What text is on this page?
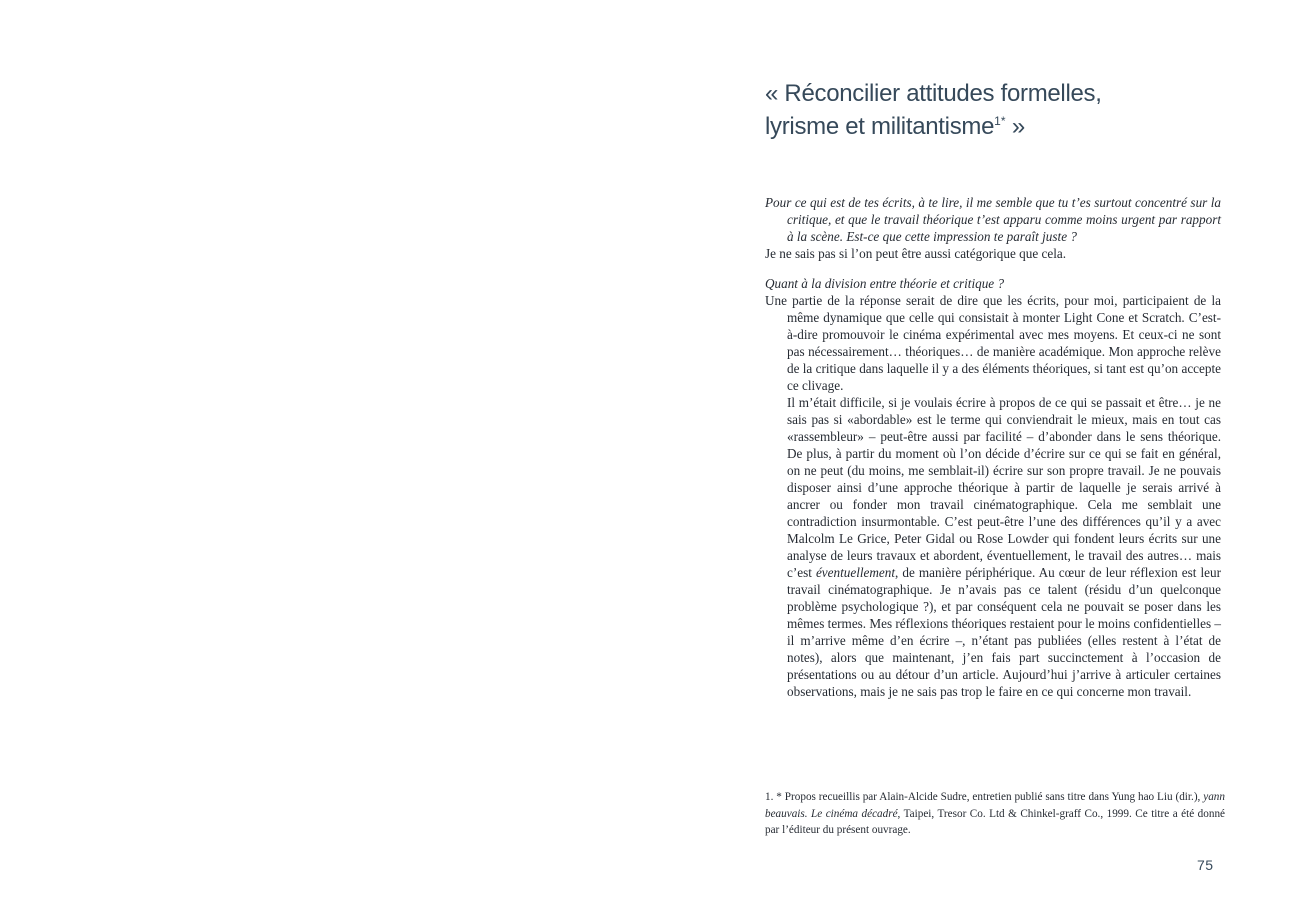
« Réconcilier attitudes formelles,
lyrisme et militantisme$^{1*}$ »

Pour ce qui est de tes écrits, à te lire, il me semble que tu t’es surtout concentré sur la critique, et que le travail théorique t’est apparu comme moins urgent par rapport à la scène. Est-ce que cette impression te paraît juste ?

Je ne sais pas si l’on peut être aussi catégorique que cela.

Quant à la division entre théorie et critique ?

Une partie de la réponse serait de dire que les écrits, pour moi, participaient de la même dynamique que celle qui consistait à monter Light Cone et Scratch. C’est-à-dire promouvoir le cinéma expérimental avec mes moyens. Et ceux-ci ne sont pas nécessairement… théoriques… de manière académique. Mon approche relève de la critique dans laquelle il y a des éléments théoriques, si tant est qu’on accepte ce clivage.

Il m’était difficile, si je voulais écrire à propos de ce qui se passait et être… je ne sais pas si «abordable» est le terme qui conviendrait le mieux, mais en tout cas «rassembleur» – peut-être aussi par facilité – d’abonder dans le sens théorique. De plus, à partir du moment où l’on décide d’écrire sur ce qui se fait en général, on ne peut (du moins, me semblait-il) écrire sur son propre travail. Je ne pouvais disposer ainsi d’une approche théorique à partir de laquelle je serais arrivé à ancrer ou fonder mon travail cinématographique. Cela me semblait une contradiction insurmontable. C’est peut-être l’une des différences qu’il y a avec Malcolm Le Grice, Peter Gidal ou Rose Lowder qui fondent leurs écrits sur une analyse de leurs travaux et abordent, éventuellement, le travail des autres… mais c’est éventuellement, de manière périphérique. Au cœur de leur réflexion est leur travail cinématographique. Je n’avais pas ce talent (résidu d’un quelconque problème psychologique ?), et par conséquent cela ne pouvait se poser dans les mêmes termes. Mes réflexions théoriques restaient pour le moins confidentielles – il m’arrive même d’en écrire –, n’étant pas publiées (elles restent à l’état de notes), alors que maintenant, j’en fais part succinctement à l’occasion de présentations ou au détour d’un article. Aujourd’hui j’arrive à articuler certaines observations, mais je ne sais pas trop le faire en ce qui concerne mon travail.

1. * Propos recueillis par Alain-Alcide Sudre, entretien publié sans titre dans Yung hao Liu (dir.), yann beauvais. Le cinéma décadré, Taipei, Tresor Co. Ltd & Chinkel-graff Co., 1999. Ce titre a été donné par l’éditeur du présent ouvrage.
75
